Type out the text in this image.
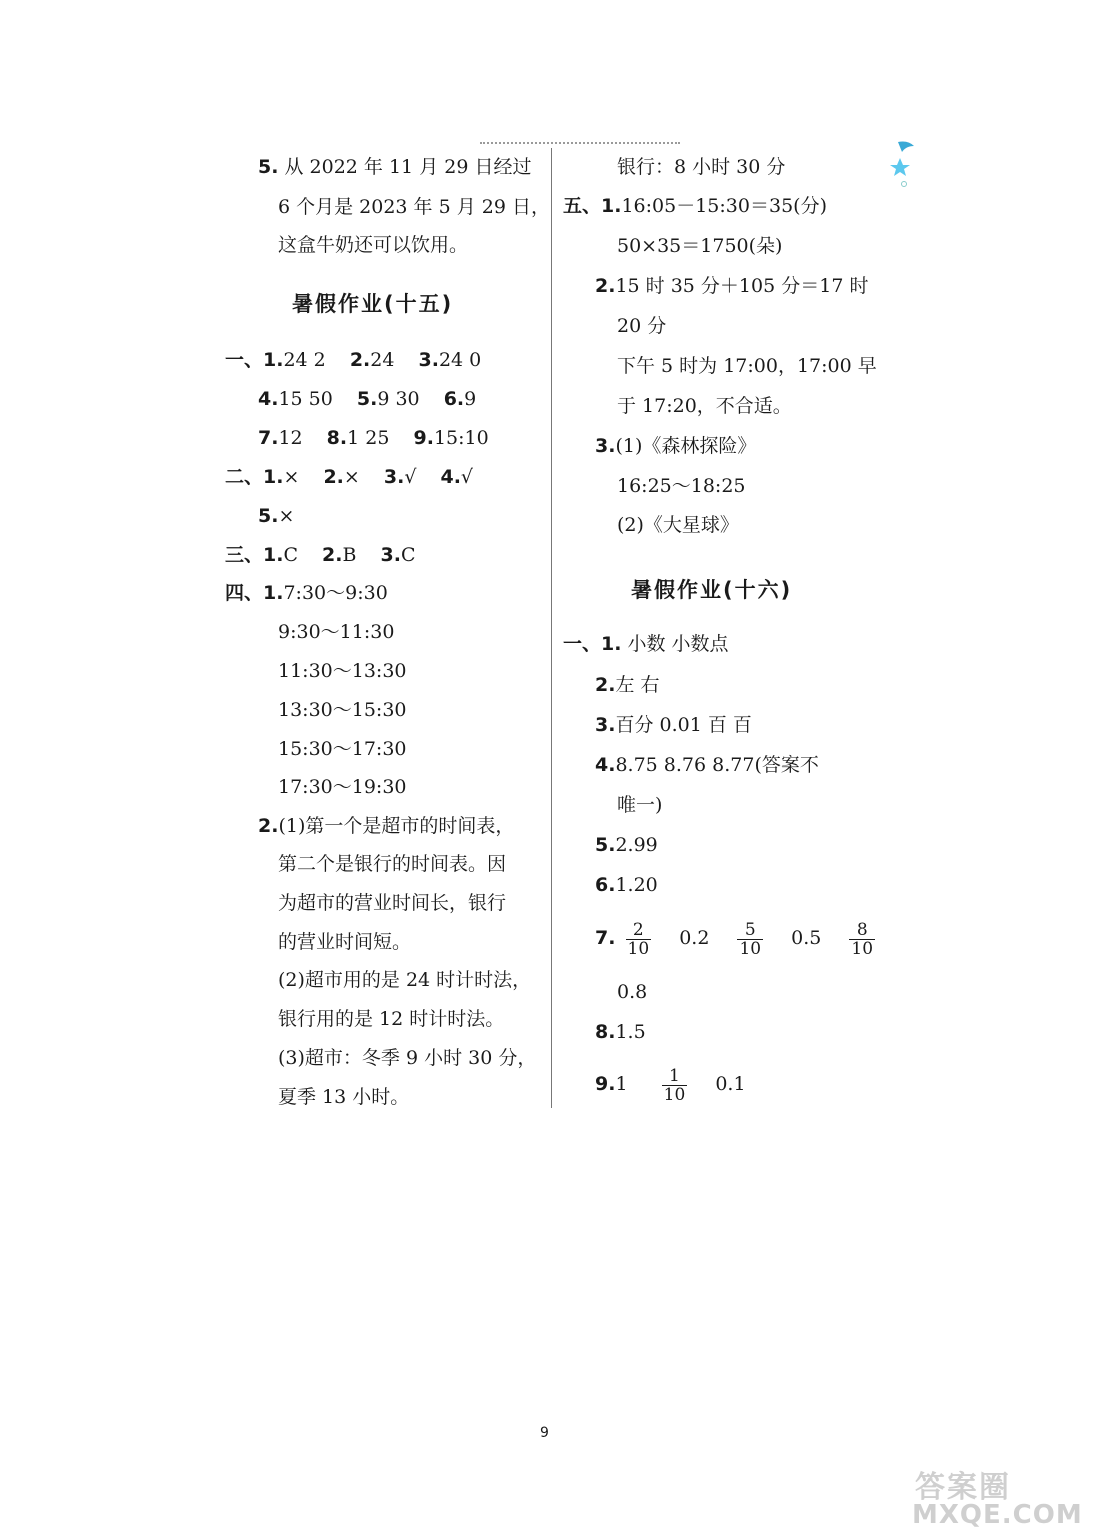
5. 从 2022 年 11 月 29 日经过
6 个月是 2023 年 5 月 29 日，
这盒牛奶还可以饮用。
暑假作业(十五)
一、1.24 2 2.24 3.24 0
4.15 50 5.9 30 6.9
7.12 8.1 25 9.15:10
二、1.× 2.× 3.√ 4.√
5.×
三、1.C 2.B 3.C
四、1.7:30～9:30
9:30～11:30
11:30～13:30
13:30～15:30
15:30～17:30
17:30～19:30
2.(1)第一个是超市的时间表，
第二个是银行的时间表。因
为超市的营业时间长，银行
的营业时间短。
(2)超市用的是 24 时计时法，
银行用的是 12 时计时法。
(3)超市：冬季 9 小时 30 分，
夏季 13 小时。
银行：8 小时 30 分
五、1.16:05－15:30＝35(分)
50×35＝1750(朵)
2.15 时 35 分＋105 分＝17 时
20 分
下午 5 时为 17:00，17:00 早
于 17:20，不合适。
3.(1)《森林探险》
16:25～18:25
(2)《大星球》
暑假作业(十六)
一、1. 小数 小数点
2.左 右
3.百分 0.01 百 百
4.8.75 8.76 8.77(答案不
唯一)
5.2.99
6.1.20
7. $\frac{2}{10} 0.2 \frac{5}{10} 0.5 \frac{8}{10}$
0.8
8.1.5
$9.1 \frac{1}{10} 0.1$
9
答案圈
MXQE.COM
